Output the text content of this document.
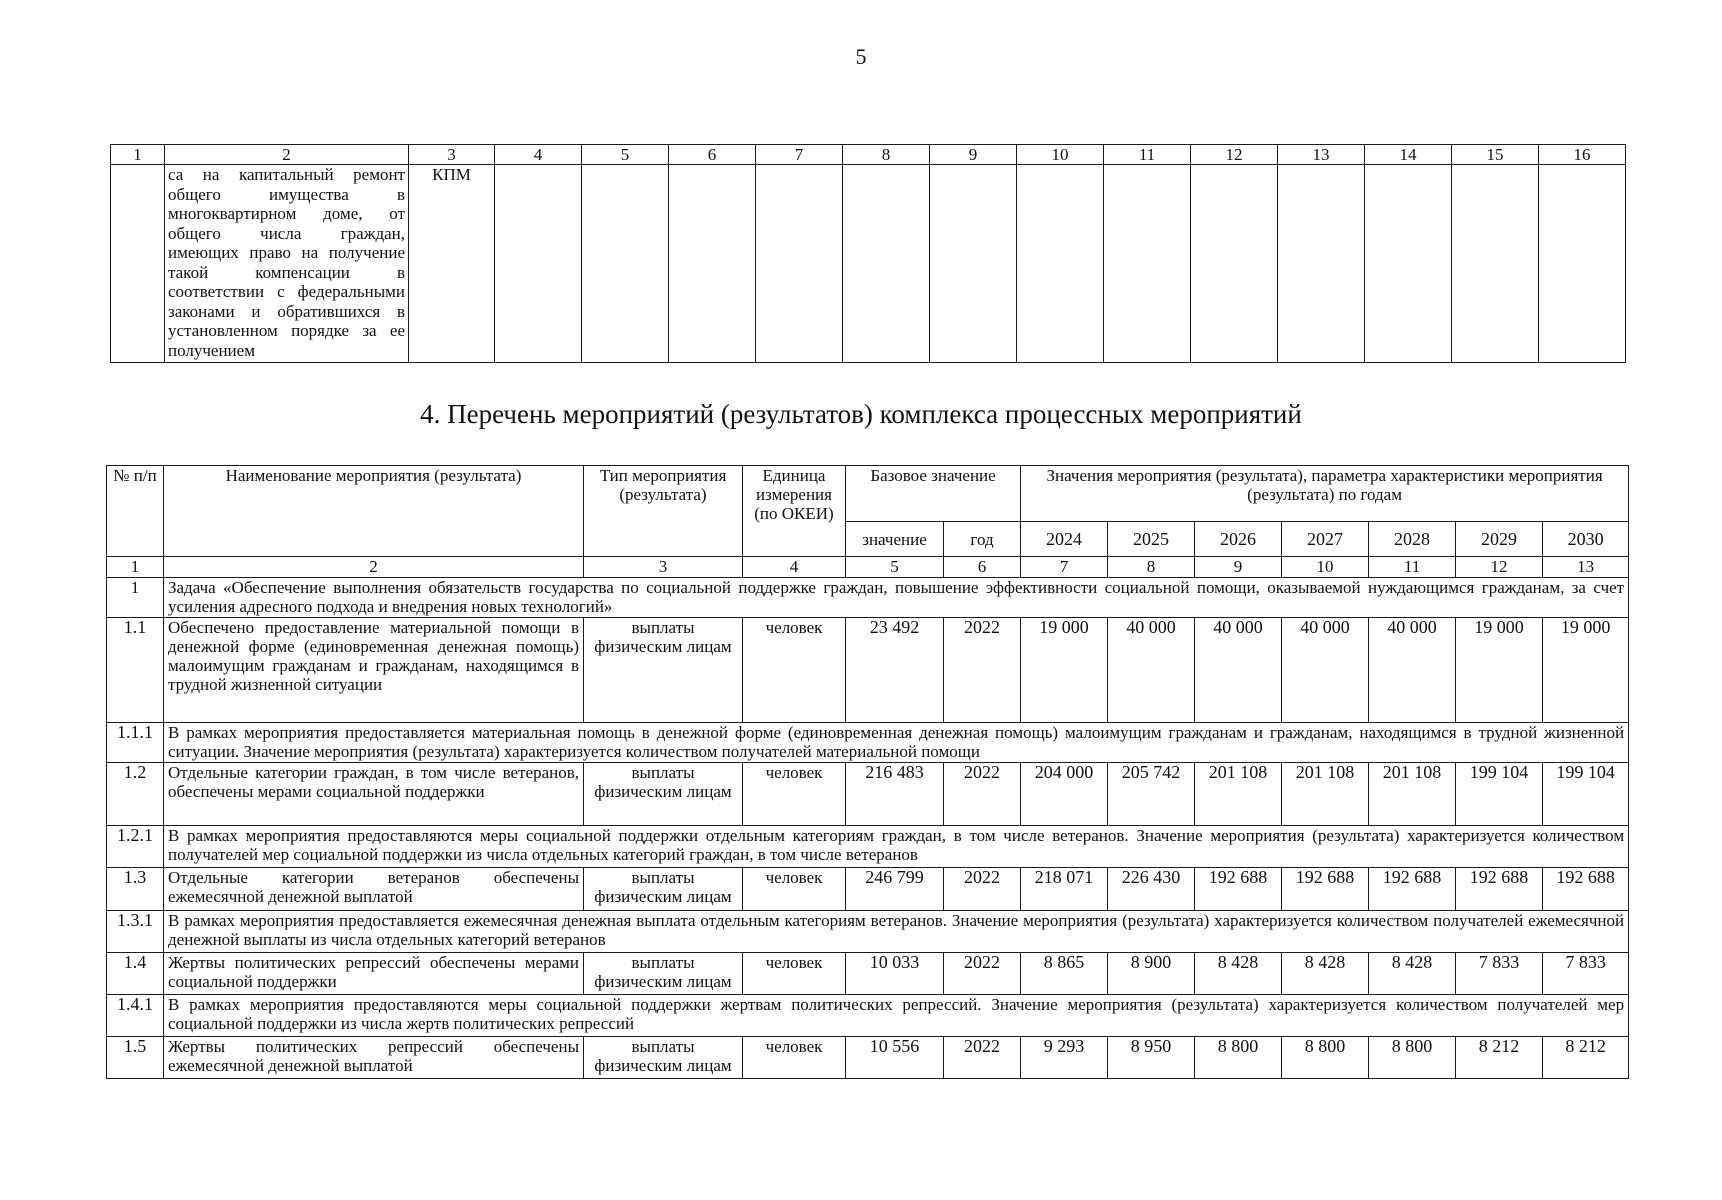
5
1	2	3	4	5	6	7	8	9	10	11	12	13	14	15	16
	са на капитальный ремонт общего имущества в многоквартирном доме, от общего числа граждан, имеющих право на получение такой компенсации в соответствии с федеральными законами и обратившихся в установленном порядке за ее получением	КПМ													
4. Перечень мероприятий (результатов) комплекса процессных мероприятий
№ п/п	Наименование мероприятия (результата)	Тип мероприятия (результата)	Единица измерения (по ОКЕИ)	Базовое значение		Значения мероприятия (результата), параметра характеристики мероприятия (результата) по годам						
				значение	год	2024	2025	2026	2027	2028	2029	2030
1	2	3	4	5	6	7	8	9	10	11	12	13
1	Задача «Обеспечение выполнения обязательств государства по социальной поддержке граждан, повышение эффективности социальной помощи, оказываемой нуждающимся гражданам, за счет усиления адресного подхода и внедрения новых технологий»											
1.1	Обеспечено предоставление материальной помощи в денежной форме (единовременная денежная помощь) малоимущим гражданам и гражданам, находящимся в трудной жизненной ситуации	выплаты физическим лицам	человек	23 492	2022	19 000	40 000	40 000	40 000	40 000	19 000	19 000
1.1.1	В рамках мероприятия предоставляется материальная помощь в денежной форме (единовременная денежная помощь) малоимущим гражданам и гражданам, находящимся в трудной жизненной ситуации. Значение мероприятия (результата) характеризуется количеством получателей материальной помощи											
1.2	Отдельные категории граждан, в том числе ветеранов, обеспечены мерами социальной поддержки	выплаты физическим лицам	человек	216 483	2022	204 000	205 742	201 108	201 108	201 108	199 104	199 104
1.2.1	В рамках мероприятия предоставляются меры социальной поддержки отдельным категориям граждан, в том числе ветеранов. Значение мероприятия (результата) характеризуется количеством получателей мер социальной поддержки из числа отдельных категорий граждан, в том числе ветеранов											
1.3	Отдельные категории ветеранов обеспечены ежемесячной денежной выплатой	выплаты физическим лицам	человек	246 799	2022	218 071	226 430	192 688	192 688	192 688	192 688	192 688
1.3.1	В рамках мероприятия предоставляется ежемесячная денежная выплата отдельным категориям ветеранов. Значение мероприятия (результата) характеризуется количеством получателей ежемесячной денежной выплаты из числа отдельных категорий ветеранов											
1.4	Жертвы политических репрессий обеспечены мерами социальной поддержки	выплаты физическим лицам	человек	10 033	2022	8 865	8 900	8 428	8 428	8 428	7 833	7 833
1.4.1	В рамках мероприятия предоставляются меры социальной поддержки жертвам политических репрессий. Значение мероприятия (результата) характеризуется количеством получателей мер социальной поддержки из числа жертв политических репрессий											
1.5	Жертвы политических репрессий обеспечены ежемесячной денежной выплатой	выплаты физическим лицам	человек	10 556	2022	9 293	8 950	8 800	8 800	8 800	8 212	8 212
